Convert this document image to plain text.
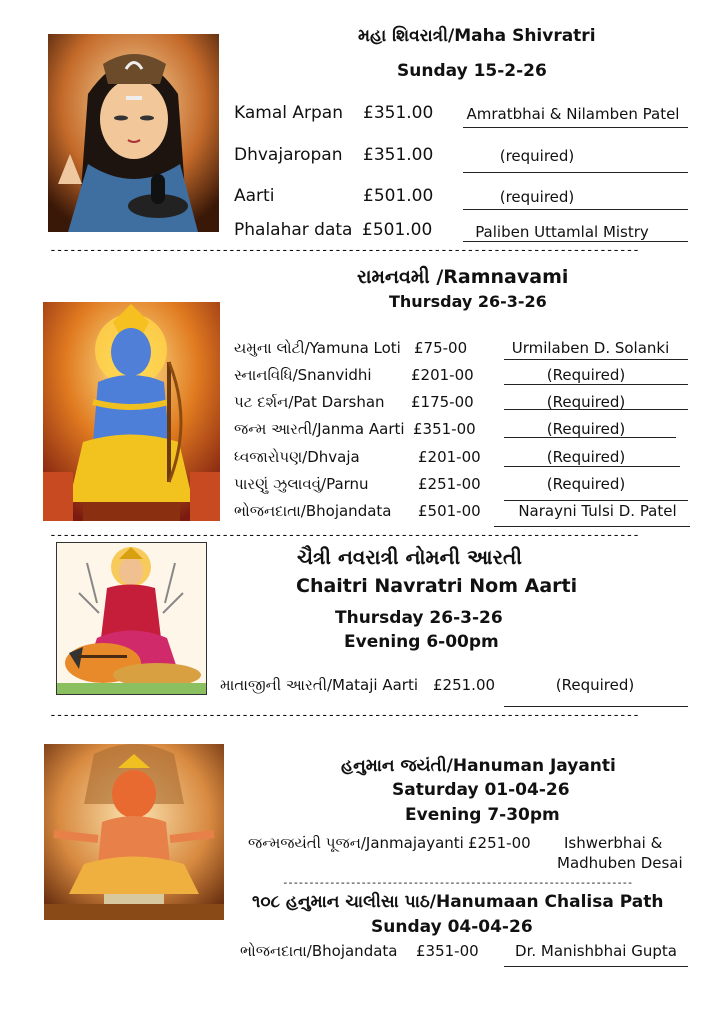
મહા શિવરાત્રી/Maha Shivratri
Sunday 15-2-26
Kamal Arpan £351.00	Amratbhai & Nilamben Patel
Dhvajaropan £351.00	(required)
Aarti	£501.00	(required)
Phalahar data £501.00	Paliben Uttamlal Mistry
-----------------------------------------------------------------------------------------
રામનવમી /Ramnavami
Thursday 26-3-26
યમુના લોટી/Yamuna Loti £75-00	Urmilaben D. Solanki
સ્નાનવિધિ/Snanvidhi	£201-00	(Required)
પટ દર્શન/Pat Darshan £175-00	(Required)
જન્મ આરતી/Janma Aarti £351-00	(Required)
ધ્વજારોપણ/Dhvaja	£201-00	(Required)
પારણું ઝુલાવવું/Parnu	£251-00	(Required)
ભોજનદાતા/Bhojandata £501-00	Narayni Tulsi D. Patel
-----------------------------------------------------------------------------------------
ચૈત્રી નવરાત્રી નોમની આરતી
Chaitri Navratri Nom Aarti
Thursday 26-3-26
Evening 6-00pm
માતાજીની આરતી/Mataji Aarti £251.00	(Required)
-----------------------------------------------------------------------------------------
હનુમાન જયંતી/Hanuman Jayanti
Saturday 01-04-26
Evening 7-30pm
જન્મજયંતી પૂજન/Janmajayanti £251-00 Ishwerbhai &
Madhuben Desai
-------------------------------------------------------------------
૧૦૮ હનુમાન ચાલીસા પાઠ/Hanumaan Chalisa Path
Sunday 04-04-26
ભોજનદાતા/Bhojandata £351-00	Dr. Manishbhai Gupta
